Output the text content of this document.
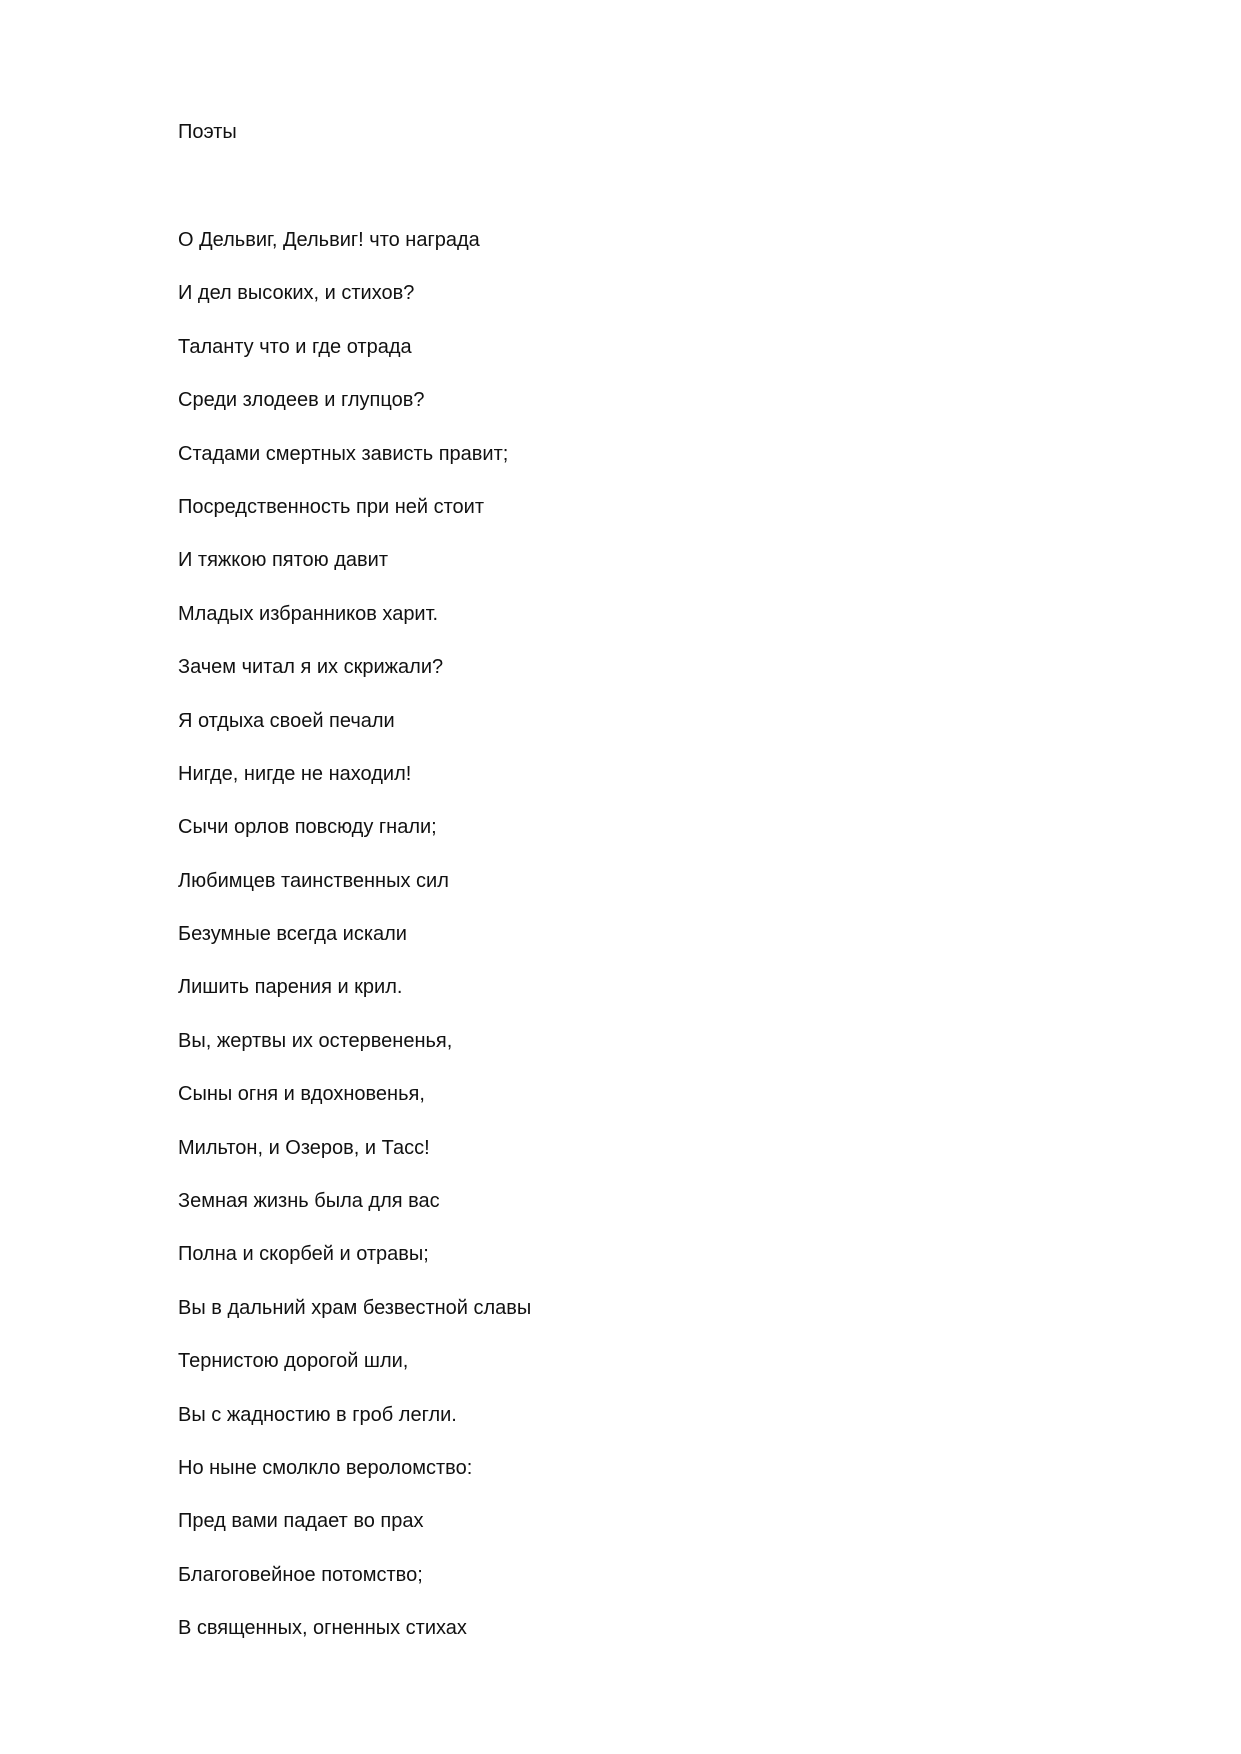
Поэты
О Дельвиг, Дельвиг! что награда
И дел высоких, и стихов?
Таланту что и где отрада
Среди злодеев и глупцов?
Стадами смертных зависть правит;
Посредственность при ней стоит
И тяжкою пятою давит
Младых избранников харит.
Зачем читал я их скрижали?
Я отдыха своей печали
Нигде, нигде не находил!
Сычи орлов повсюду гнали;
Любимцев таинственных сил
Безумные всегда искали
Лишить парения и крил.
Вы, жертвы их остервененья,
Сыны огня и вдохновенья,
Мильтон, и Озеров, и Тасс!
Земная жизнь была для вас
Полна и скорбей и отравы;
Вы в дальний храм безвестной славы
Тернистою дорогой шли,
Вы с жадностию в гроб легли.
Но ныне смолкло вероломство:
Пред вами падает во прах
Благоговейное потомство;
В священных, огненных стихах
